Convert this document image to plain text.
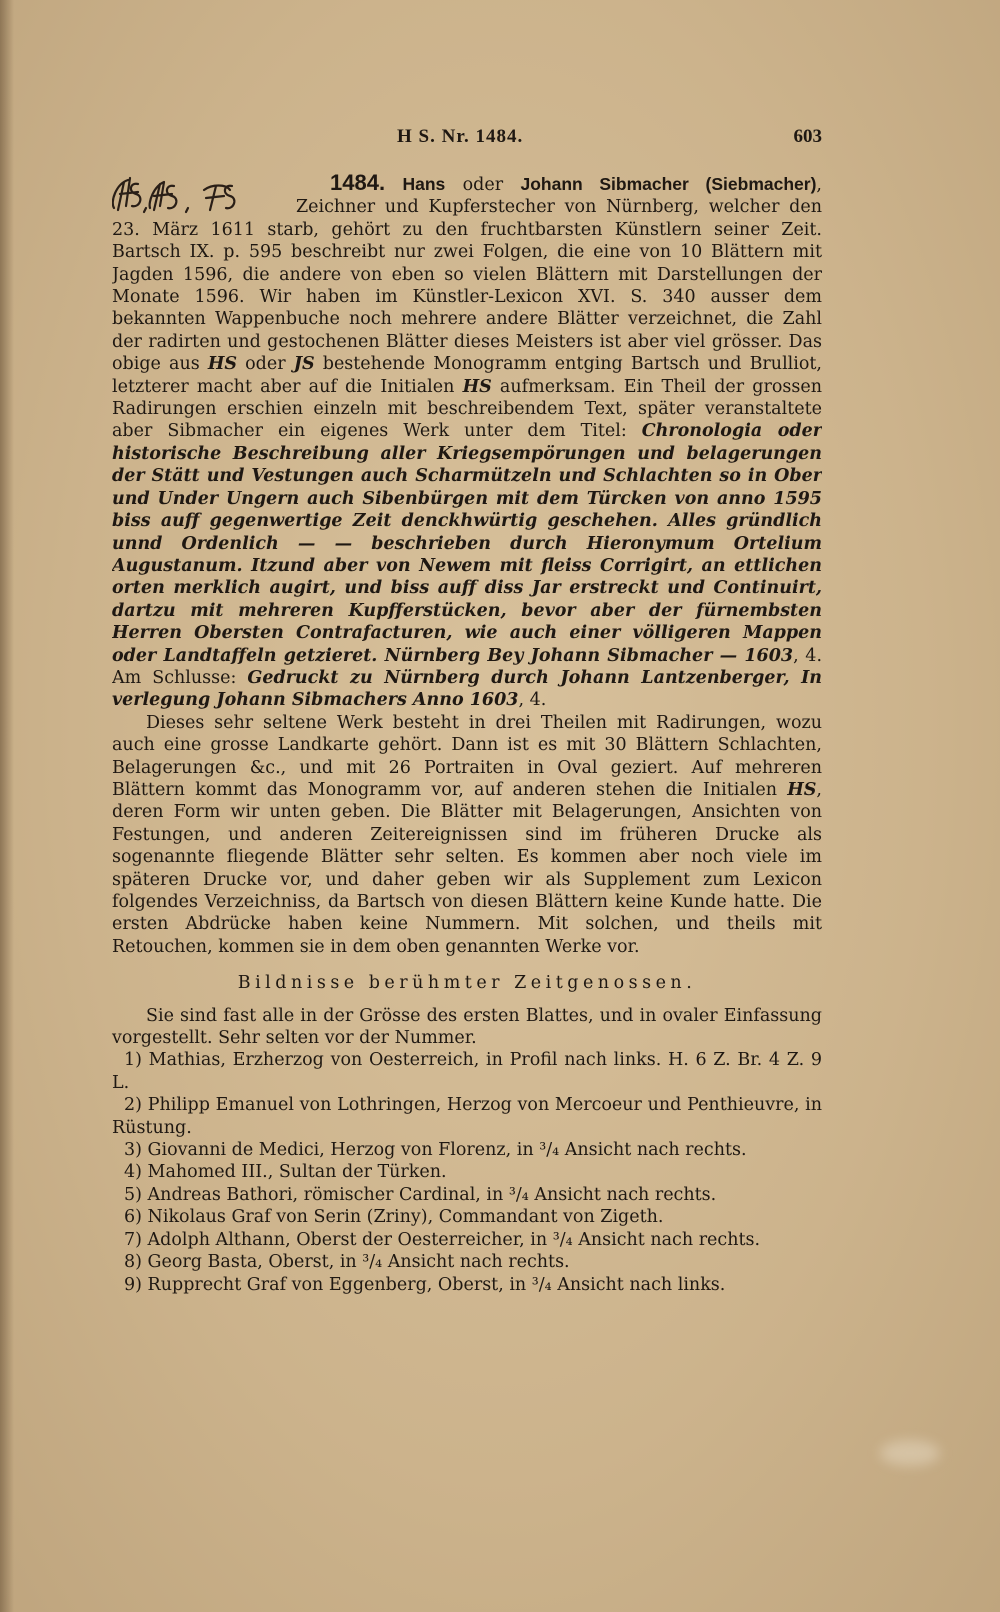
H S. Nr. 1484.	603

1484. Hans oder Johann Sibmacher (Siebmacher)
, Zeichner und Kupferstecher von Nürnberg, welcher den 23. März 1611 starb, gehört zu den fruchtbarsten Künstlern seiner Zeit. Bartsch IX. p. 595 beschreibt nur zwei Folgen, die eine von 10 Blättern mit Jagden 1596, die andere von eben so vielen Blättern mit Darstellungen der Monate 1596. Wir haben im Künstler-Lexicon XVI. S. 340 ausser dem bekannten Wappenbuche noch mehrere andere Blätter verzeichnet, die Zahl der radirten und gestochenen Blätter dieses Meisters ist aber viel grösser. Das obige aus HS oder JS bestehende Monogramm entging Bartsch und Brulliot, letzterer macht aber auf die Initialen HS aufmerksam. Ein Theil der grossen Radirungen erschien einzeln mit beschreibendem Text, später veranstaltete aber Sibmacher ein eigenes Werk unter dem Titel: Chronologia oder historische Beschreibung aller Kriegsempörungen und belagerungen der Stätt und Vestungen auch Scharmützeln und Schlachten so in Ober und Under Ungern auch Sibenbürgen mit dem Türcken von anno 1595 biss auff gegenwertige Zeit denckhwürtig geschehen. Alles gründlich unnd Ordenlich — — beschrieben durch Hieronymum Ortelium Augustanum. Itzund aber von Newem mit fleiss Corrigirt, an ettlichen orten merklich augirt, und biss auff diss Jar erstreckt und Continuirt, dartzu mit mehreren Kupfferstücken, bevor aber der fürnembsten Herren Obersten Contrafacturen, wie auch einer völligeren Mappen oder Landtaffeln getzieret. Nürnberg Bey Johann Sibmacher — 1603, 4. Am Schlusse: Gedruckt zu Nürnberg durch Johann Lantzenberger, In verlegung Johann Sibmachers Anno 1603, 4.

Dieses sehr seltene Werk besteht in drei Theilen mit Radirungen, wozu auch eine grosse Landkarte gehört. Dann ist es mit 30 Blättern Schlachten, Belagerungen &c., und mit 26 Portraiten in Oval geziert. Auf mehreren Blättern kommt das Monogramm vor, auf anderen stehen die Initialen HS, deren Form wir unten geben. Die Blätter mit Belagerungen, Ansichten von Festungen, und anderen Zeitereignissen sind im früheren Drucke als sogenannte fliegende Blätter sehr selten. Es kommen aber noch viele im späteren Drucke vor, und daher geben wir als Supplement zum Lexicon folgendes Verzeichniss, da Bartsch von diesen Blättern keine Kunde hatte. Die ersten Abdrücke haben keine Nummern. Mit solchen, und theils mit Retouchen, kommen sie in dem oben genannten Werke vor.

Bildnisse berühmter Zeitgenossen.

Sie sind fast alle in der Grösse des ersten Blattes, und in ovaler Einfassung vorgestellt. Sehr selten vor der Nummer.

1) Mathias, Erzherzog von Oesterreich, in Profil nach links. H. 6 Z. Br. 4 Z. 9 L.

2) Philipp Emanuel von Lothringen, Herzog von Mercoeur und Penthieuvre, in Rüstung.

3) Giovanni de Medici, Herzog von Florenz, in ³/₄ Ansicht nach rechts.

4) Mahomed III., Sultan der Türken.

5) Andreas Bathori, römischer Cardinal, in ³/₄ Ansicht nach rechts.

6) Nikolaus Graf von Serin (Zriny), Commandant von Zigeth.

7) Adolph Althann, Oberst der Oesterreicher, in ³/₄ Ansicht nach rechts.

8) Georg Basta, Oberst, in ³/₄ Ansicht nach rechts.

9) Rupprecht Graf von Eggenberg, Oberst, in ³/₄ Ansicht nach links.
